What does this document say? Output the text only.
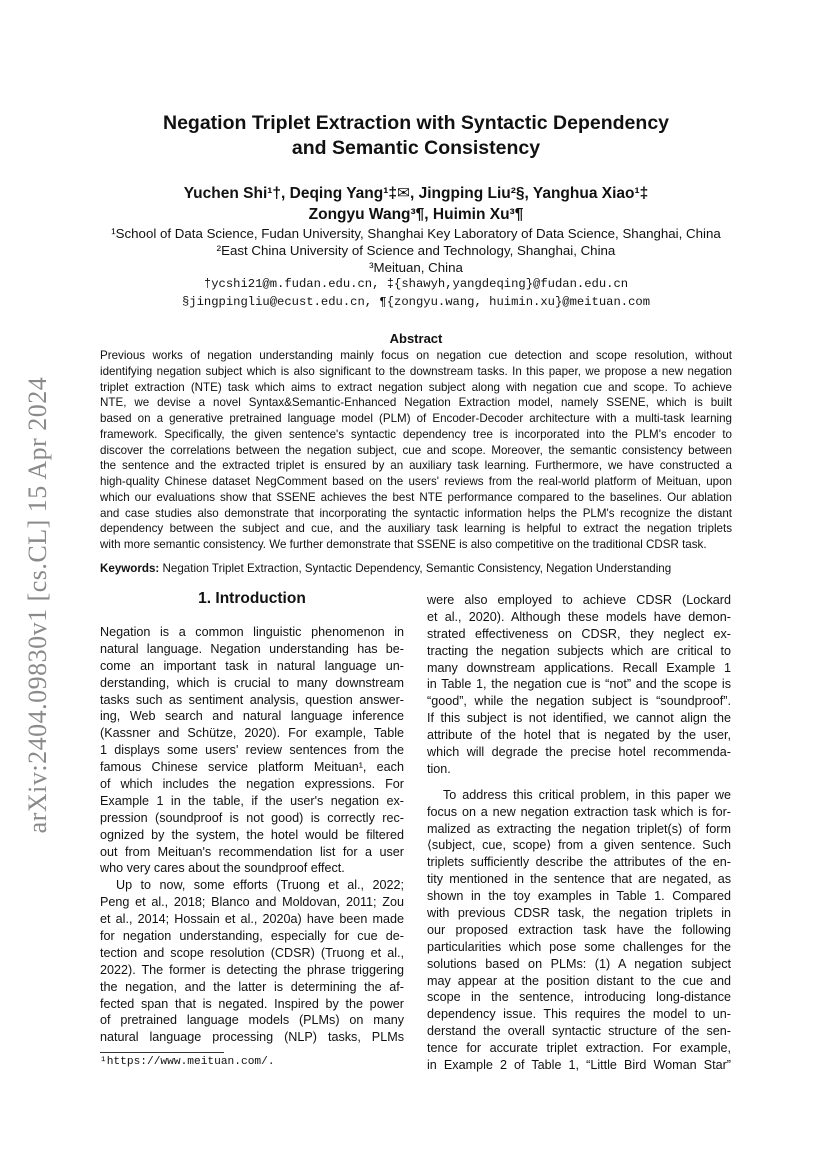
arXiv:2404.09830v1 [cs.CL] 15 Apr 2024
Negation Triplet Extraction with Syntactic Dependency
and Semantic Consistency
Yuchen Shi¹†, Deqing Yang¹‡✉, Jingping Liu²§, Yanghua Xiao¹‡
Zongyu Wang³¶, Huimin Xu³¶
¹School of Data Science, Fudan University, Shanghai Key Laboratory of Data Science, Shanghai, China
²East China University of Science and Technology, Shanghai, China
³Meituan, China
†ycshi21@m.fudan.edu.cn, ‡{shawyh,yangdeqing}@fudan.edu.cn
§jingpingliu@ecust.edu.cn, ¶{zongyu.wang, huimin.xu}@meituan.com
Abstract
Previous works of negation understanding mainly focus on negation cue detection and scope resolution, without
identifying negation subject which is also significant to the downstream tasks. In this paper, we propose a new negation
triplet extraction (NTE) task which aims to extract negation subject along with negation cue and scope. To achieve
NTE, we devise a novel Syntax&Semantic-Enhanced Negation Extraction model, namely SSENE, which is built
based on a generative pretrained language model (PLM) of Encoder-Decoder architecture with a multi-task learning
framework. Specifically, the given sentence's syntactic dependency tree is incorporated into the PLM's encoder to
discover the correlations between the negation subject, cue and scope. Moreover, the semantic consistency between
the sentence and the extracted triplet is ensured by an auxiliary task learning. Furthermore, we have constructed a
high-quality Chinese dataset NegComment based on the users' reviews from the real-world platform of Meituan, upon
which our evaluations show that SSENE achieves the best NTE performance compared to the baselines. Our ablation
and case studies also demonstrate that incorporating the syntactic information helps the PLM's recognize the distant
dependency between the subject and cue, and the auxiliary task learning is helpful to extract the negation triplets
with more semantic consistency. We further demonstrate that SSENE is also competitive on the traditional CDSR task.
Keywords: Negation Triplet Extraction, Syntactic Dependency, Semantic Consistency, Negation Understanding
1. Introduction
Negation is a common linguistic phenomenon in
natural language. Negation understanding has be-
come an important task in natural language un-
derstanding, which is crucial to many downstream
tasks such as sentiment analysis, question answer-
ing, Web search and natural language inference
(Kassner and Schütze, 2020). For example, Table
1 displays some users' review sentences from the
famous Chinese service platform Meituan¹, each
of which includes the negation expressions. For
Example 1 in the table, if the user's negation ex-
pression (soundproof is not good) is correctly rec-
ognized by the system, the hotel would be filtered
out from Meituan's recommendation list for a user
who very cares about the soundproof effect.
Up to now, some efforts (Truong et al., 2022;
Peng et al., 2018; Blanco and Moldovan, 2011; Zou
et al., 2014; Hossain et al., 2020a) have been made
for negation understanding, especially for cue de-
tection and scope resolution (CDSR) (Truong et al.,
2022). The former is detecting the phrase triggering
the negation, and the latter is determining the af-
fected span that is negated. Inspired by the power
of pretrained language models (PLMs) on many
natural language processing (NLP) tasks, PLMs
were also employed to achieve CDSR (Lockard
et al., 2020). Although these models have demon-
strated effectiveness on CDSR, they neglect ex-
tracting the negation subjects which are critical to
many downstream applications. Recall Example 1
in Table 1, the negation cue is “not” and the scope is
“good”, while the negation subject is “soundproof”.
If this subject is not identified, we cannot align the
attribute of the hotel that is negated by the user,
which will degrade the precise hotel recommenda-
tion.
To address this critical problem, in this paper we
focus on a new negation extraction task which is for-
malized as extracting the negation triplet(s) of form
⟨subject, cue, scope⟩ from a given sentence. Such
triplets sufficiently describe the attributes of the en-
tity mentioned in the sentence that are negated, as
shown in the toy examples in Table 1. Compared
with previous CDSR task, the negation triplets in
our proposed extraction task have the following
particularities which pose some challenges for the
solutions based on PLMs: (1) A negation subject
may appear at the position distant to the cue and
scope in the sentence, introducing long-distance
dependency issue. This requires the model to un-
derstand the overall syntactic structure of the sen-
tence for accurate triplet extraction. For example,
in Example 2 of Table 1, “Little Bird Woman Star”
¹https://www.meituan.com/.
